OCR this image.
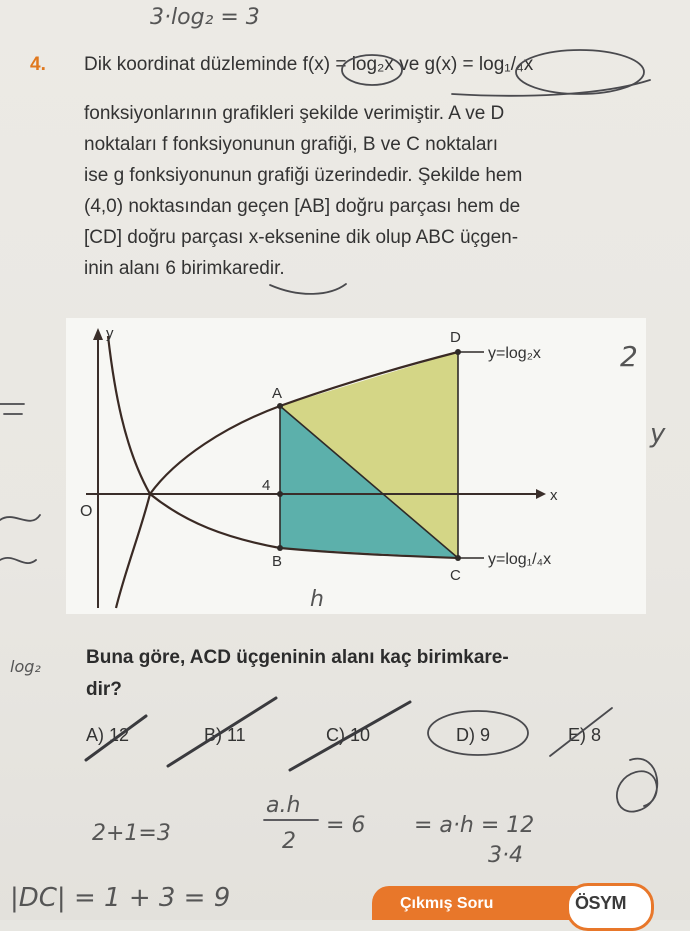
4. Dik koordinat düzleminde f(x) = log₂x ve g(x) = log₁/₄x
fonksiyonlarının grafikleri şekilde verimiştir. A ve D
noktaları f fonksiyonunun grafiği, B ve C noktaları
ise g fonksiyonunun grafiği üzerindedir. Şekilde hem
(4,0) noktasından geçen [AB] doğru parçası hem de
[CD] doğru parçası x-eksenine dik olup ABC üçgen-
inin alanı 6 birimkaredir.
y
x
O
4
A
B
C
D
y=log₂x
y=log₁/₄x
Buna göre, ACD üçgeninin alanı kaç birimkare-
dir?
A) 12	B) 11	C) 10	D) 9	E) 8
Çıkmış Soru	ÖSYM
3·log₂ = 3
2
y
log₂
h
2+1=3
a.h
2
= 6 = a·h = 12
3·4
|DC| = 1 + 3 = 9
